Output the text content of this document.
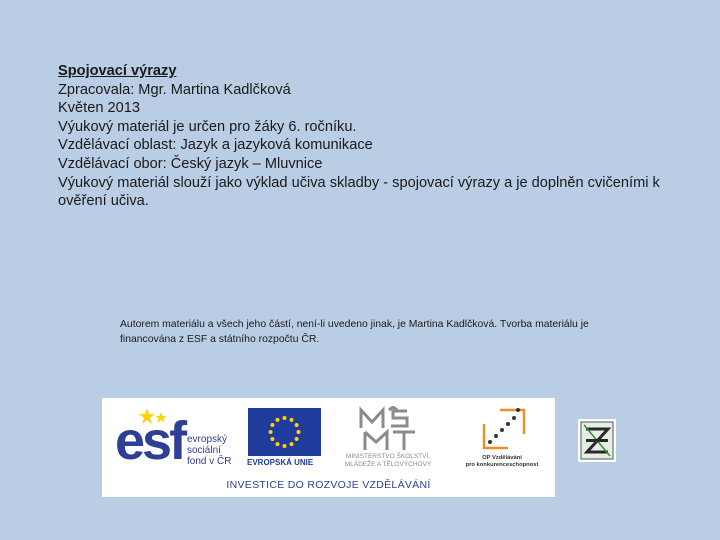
Spojovací výrazy
Zpracovala: Mgr. Martina Kadlčková
Květen 2013
Výukový materiál je určen pro žáky 6. ročníku.
Vzdělávací oblast: Jazyk a jazyková komunikace
Vzdělávací obor: Český jazyk – Mluvnice
Výukový materiál slouží jako výklad učiva skladby - spojovací výrazy a je doplněn cvičeními k ověření učiva.
Autorem materiálu a všech jeho částí, není-li uvedeno jinak, je Martina Kadlčková. Tvorba materiálu je financována z ESF a státního rozpočtu ČR.
esf evropský
sociální
fond v ČR EVROPSKÁ UNIE
MINISTERSTVO ŠKOLSTVÍ,
MLÁDEŽE A TĚLOVÝCHOVY
OP Vzdělávání
pro konkurenceschopnost
INVESTICE DO ROZVOJE VZDĚLÁVÁNÍ
